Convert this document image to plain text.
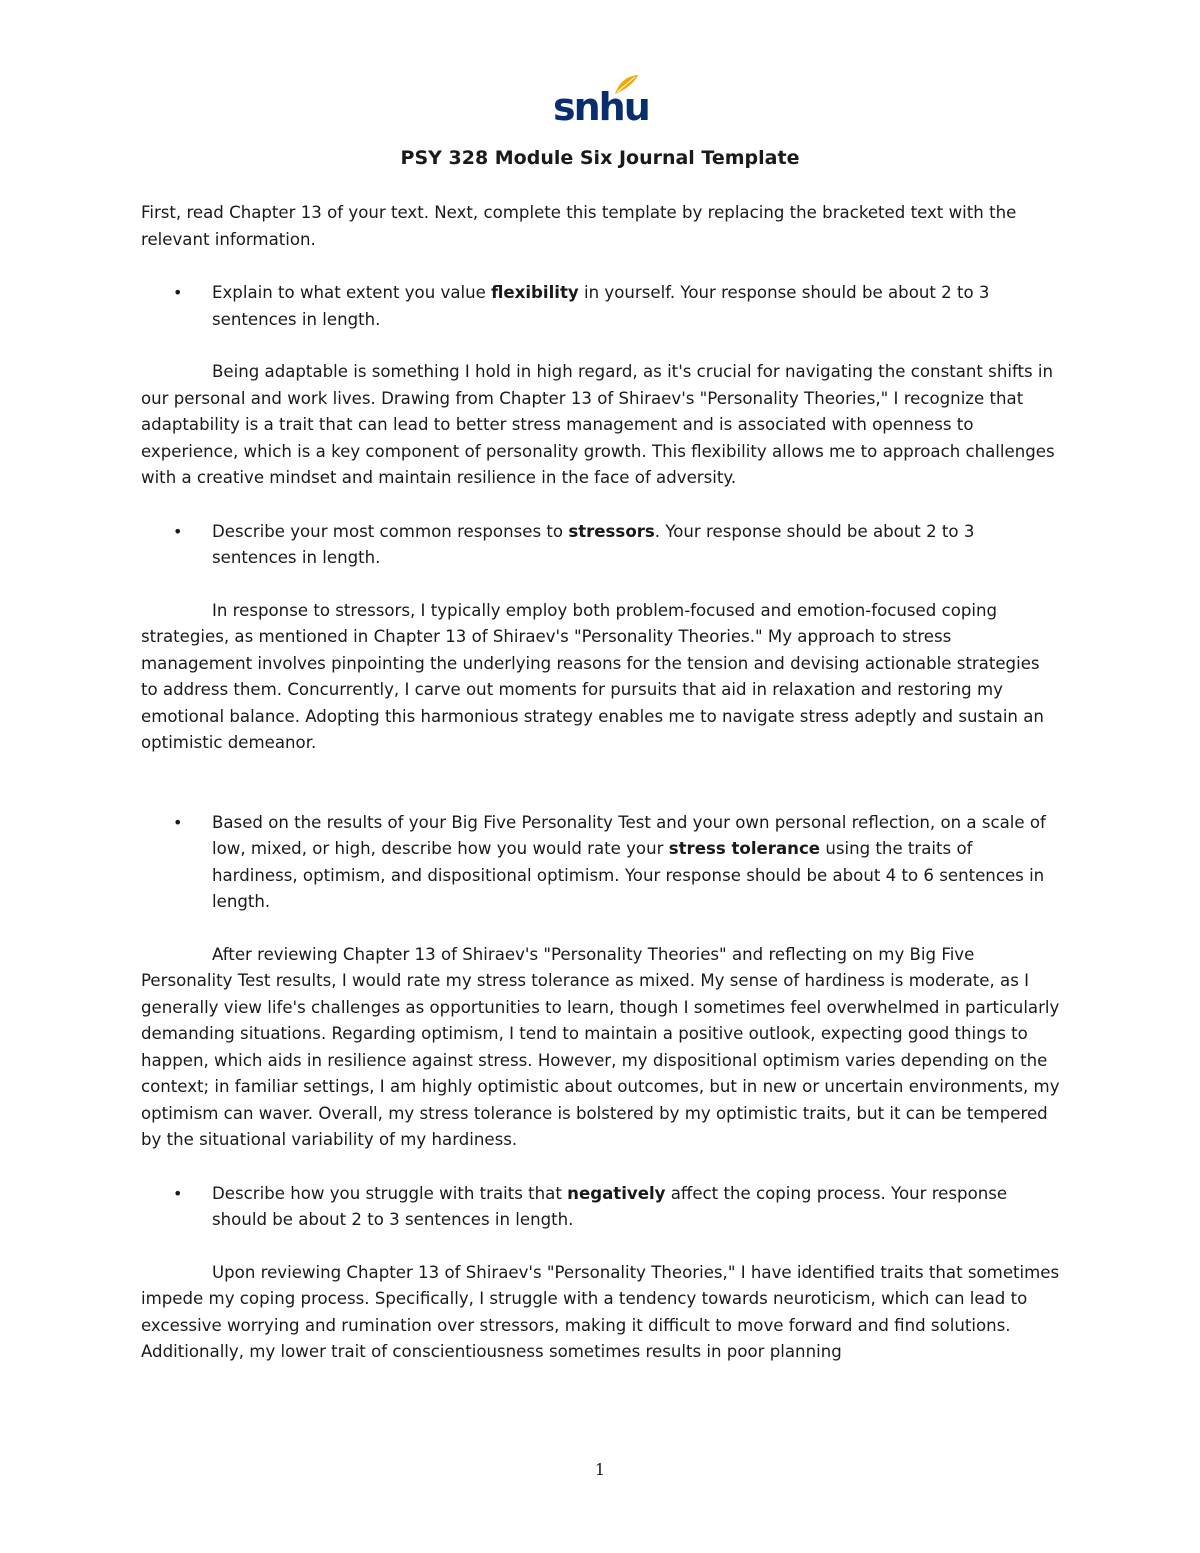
snhu
PSY 328 Module Six Journal Template

First, read Chapter 13 of your text. Next, complete this template by replacing the bracketed text with the relevant information.

• Explain to what extent you value flexibility in yourself. Your response should be about 2 to 3 sentences in length.

Being adaptable is something I hold in high regard, as it's crucial for navigating the constant shifts in our personal and work lives. Drawing from Chapter 13 of Shiraev's "Personality Theories," I recognize that adaptability is a trait that can lead to better stress management and is associated with openness to experience, which is a key component of personality growth. This flexibility allows me to approach challenges with a creative mindset and maintain resilience in the face of adversity.

• Describe your most common responses to stressors. Your response should be about 2 to 3 sentences in length.

In response to stressors, I typically employ both problem-focused and emotion-focused coping strategies, as mentioned in Chapter 13 of Shiraev's "Personality Theories." My approach to stress management involves pinpointing the underlying reasons for the tension and devising actionable strategies to address them. Concurrently, I carve out moments for pursuits that aid in relaxation and restoring my emotional balance. Adopting this harmonious strategy enables me to navigate stress adeptly and sustain an optimistic demeanor.

• Based on the results of your Big Five Personality Test and your own personal reflection, on a scale of low, mixed, or high, describe how you would rate your stress tolerance using the traits of hardiness, optimism, and dispositional optimism. Your response should be about 4 to 6 sentences in length.

After reviewing Chapter 13 of Shiraev's "Personality Theories" and reflecting on my Big Five Personality Test results, I would rate my stress tolerance as mixed. My sense of hardiness is moderate, as I generally view life's challenges as opportunities to learn, though I sometimes feel overwhelmed in particularly demanding situations. Regarding optimism, I tend to maintain a positive outlook, expecting good things to happen, which aids in resilience against stress. However, my dispositional optimism varies depending on the context; in familiar settings, I am highly optimistic about outcomes, but in new or uncertain environments, my optimism can waver. Overall, my stress tolerance is bolstered by my optimistic traits, but it can be tempered by the situational variability of my hardiness.

• Describe how you struggle with traits that negatively affect the coping process. Your response should be about 2 to 3 sentences in length.

Upon reviewing Chapter 13 of Shiraev's "Personality Theories," I have identified traits that sometimes impede my coping process. Specifically, I struggle with a tendency towards neuroticism, which can lead to excessive worrying and rumination over stressors, making it difficult to move forward and find solutions. Additionally, my lower trait of conscientiousness sometimes results in poor planning

1
